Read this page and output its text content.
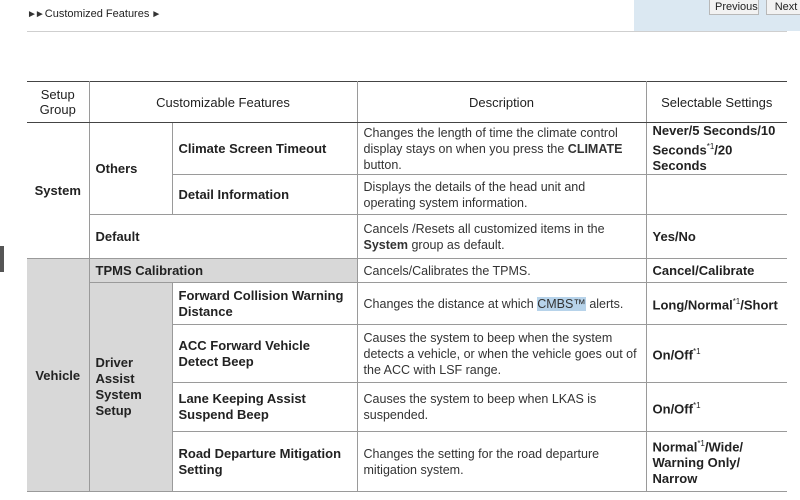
►► Customized Features ►
Previous	Next
Setup Group	Customizable Features		Description	Selectable Settings
System	Others	Climate Screen Timeout	Changes the length of time the climate control display stays on when you press the CLIMATE button.	Never/5 Seconds/10 Seconds$^{*1}$/20 Seconds
		Detail Information	Displays the details of the head unit and operating system information.	
	Default		Cancels /Resets all customized items in the System group as default.	Yes/No
Vehicle	TPMS Calibration		Cancels/Calibrates the TPMS.	Cancel/Calibrate
	Driver Assist System Setup	Forward Collision Warning Distance	Changes the distance at which CMBS™ alerts.	Long/Normal$^{*1}$/Short
		ACC Forward Vehicle Detect Beep	Causes the system to beep when the system detects a vehicle, or when the vehicle goes out of the ACC with LSF range.	On/Off$^{*1}$
		Lane Keeping Assist Suspend Beep	Causes the system to beep when LKAS is suspended.	On/Off$^{*1}$
		Road Departure Mitigation Setting	Changes the setting for the road departure mitigation system.	Normal$^{*1}$/Wide/ Warning Only/ Narrow
